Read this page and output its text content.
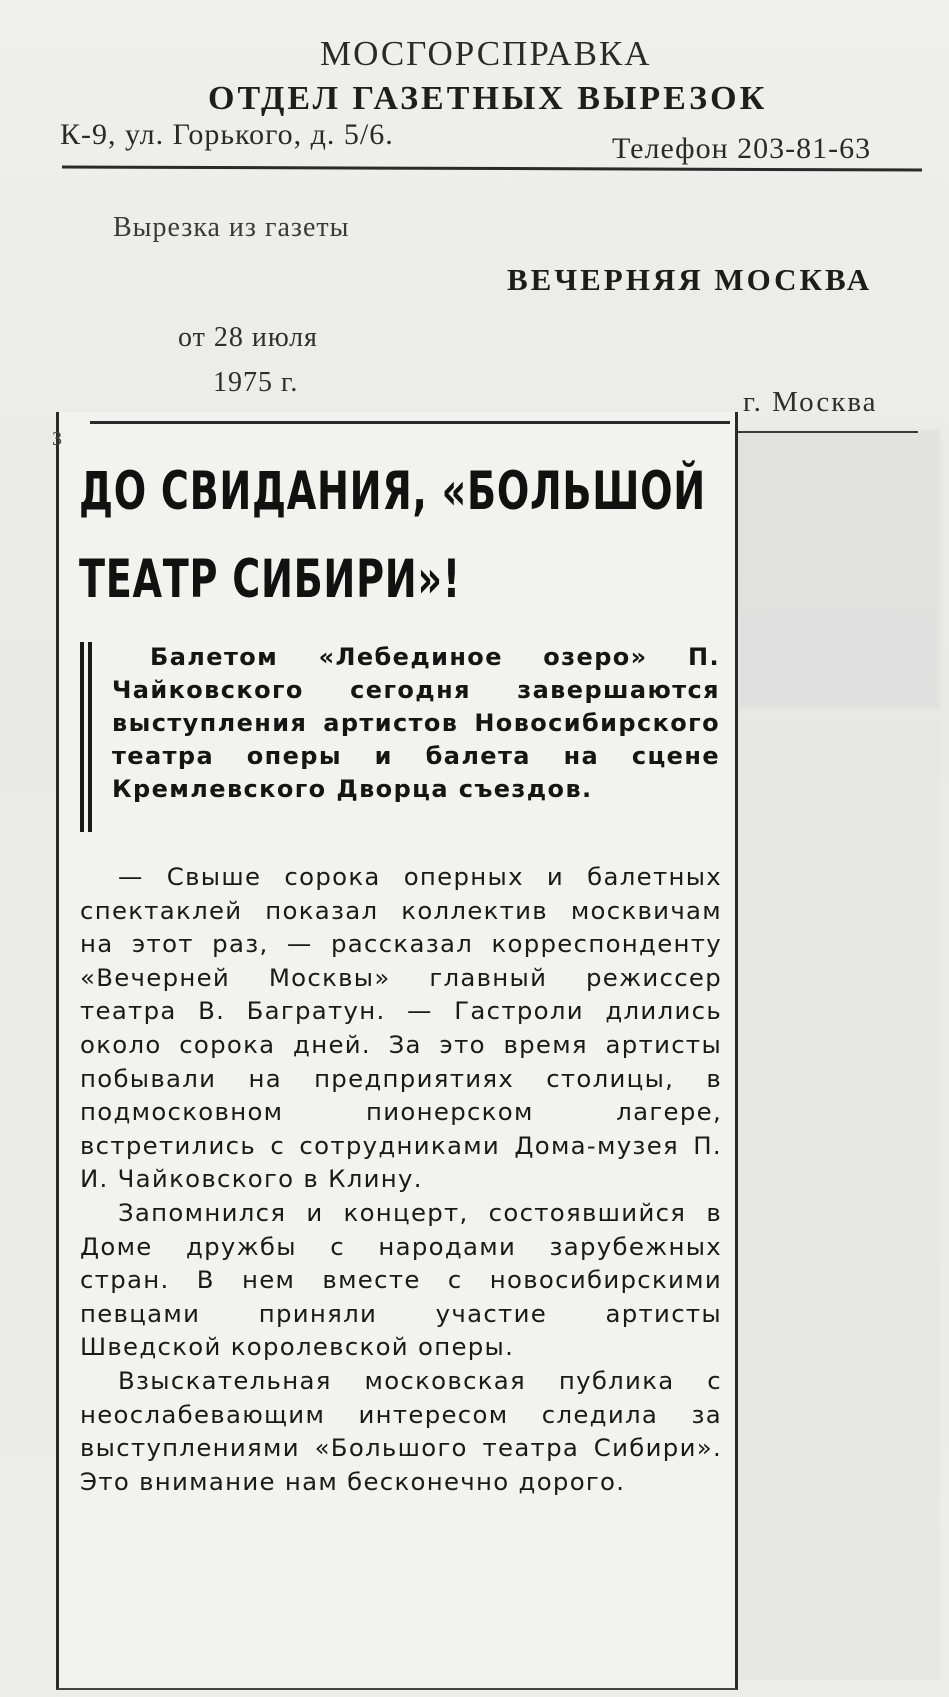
МОСГОРСПРАВКА
ОТДЕЛ ГАЗЕТНЫХ ВЫРЕЗОК
К-9, ул. Горького, д. 5/6.	Телефон 203-81-63
Вырезка из газеты
ВЕЧЕРНЯЯ МОСКВА
от 28 июля
1975 г.
г. Москва
3
ДО СВИДАНИЯ, «БОЛЬШОЙ
ТЕАТР СИБИРИ»!
Балетом «Лебединое озеро» П. Чайковского сегодня завершаются выступления артистов Новосибирского театра оперы и балета на сцене Кремлевского Дворца съездов.

— Свыше сорока оперных и балетных спектаклей показал коллектив москвичам на этот раз, — рассказал корреспонденту «Вечерней Москвы» главный режиссер театра В. Багратун. — Гастроли длились около сорока дней. За это время артисты побывали на предприятиях столицы, в подмосковном пионерском лагере, встретились с сотрудниками Дома-музея П. И. Чайковского в Клину.

Запомнился и концерт, состоявшийся в Доме дружбы с народами зарубежных стран. В нем вместе с новосибирскими певцами приняли участие артисты Шведской королевской оперы.

Взыскательная московская публика с неослабевающим интересом следила за выступлениями «Большого театра Сибири». Это внимание нам бесконечно дорого.
